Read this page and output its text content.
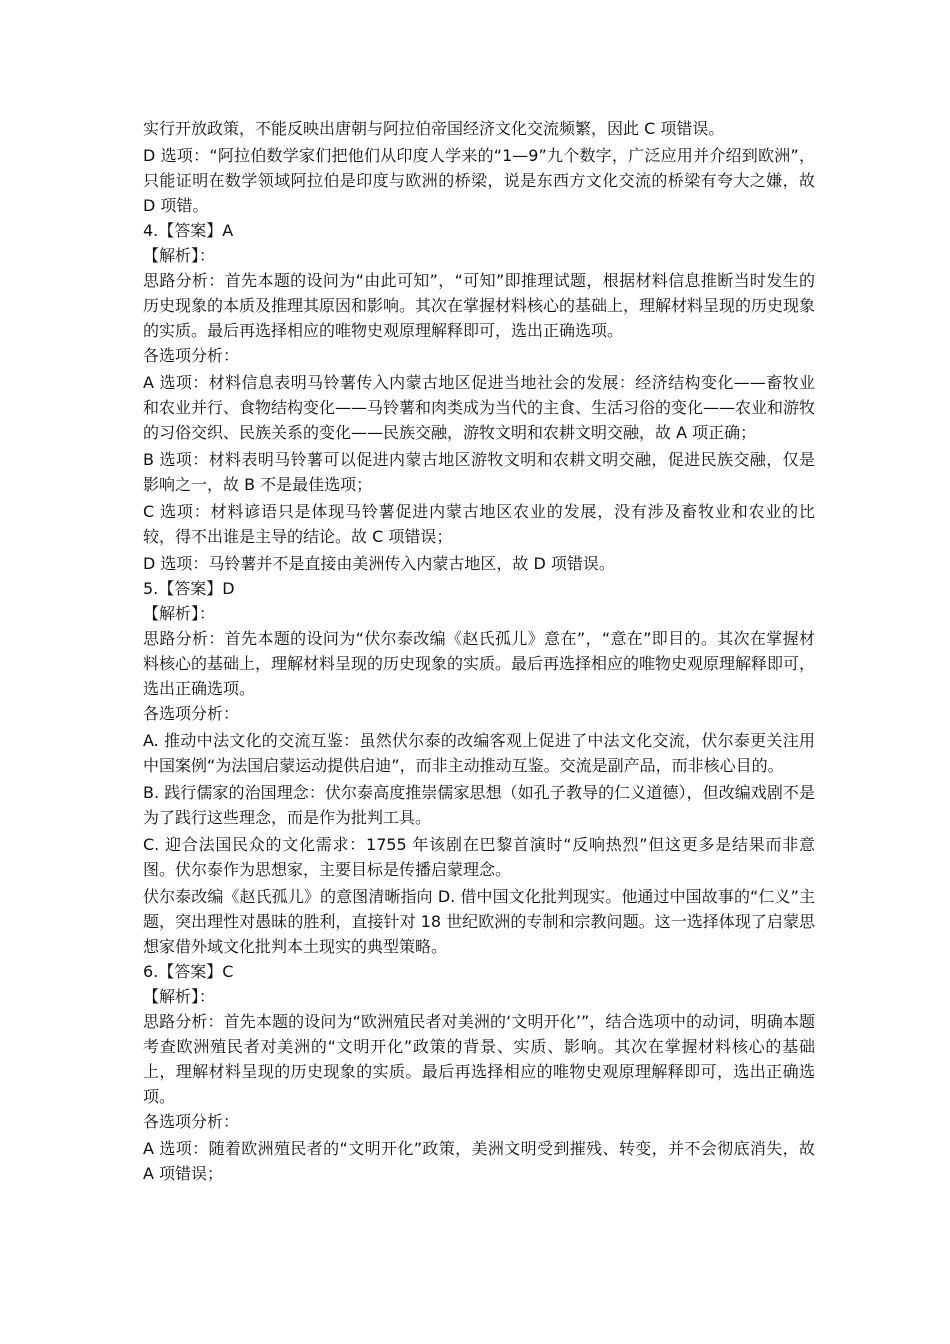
实行开放政策，不能反映出唐朝与阿拉伯帝国经济文化交流频繁，因此 C 项错误。

D 选项：“阿拉伯数学家们把他们从印度人学来的“1—9”九个数字，广泛应用并介绍到欧洲”，只能证明在数学领域阿拉伯是印度与欧洲的桥梁，说是东西方文化交流的桥梁有夸大之嫌，故 D 项错。

4.【答案】A

【解析】：

思路分析：首先本题的设问为“由此可知”，“可知”即推理试题，根据材料信息推断当时发生的历史现象的本质及推理其原因和影响。其次在掌握材料核心的基础上，理解材料呈现的历史现象的实质。最后再选择相应的唯物史观原理解释即可，选出正确选项。

各选项分析：

A 选项：材料信息表明马铃薯传入内蒙古地区促进当地社会的发展：经济结构变化——畜牧业和农业并行、食物结构变化——马铃薯和肉类成为当代的主食、生活习俗的变化——农业和游牧的习俗交织、民族关系的变化——民族交融，游牧文明和农耕文明交融，故 A 项正确；

B 选项：材料表明马铃薯可以促进内蒙古地区游牧文明和农耕文明交融，促进民族交融，仅是影响之一，故 B 不是最佳选项；

C 选项：材料谚语只是体现马铃薯促进内蒙古地区农业的发展，没有涉及畜牧业和农业的比较，得不出谁是主导的结论。故 C 项错误；

D 选项：马铃薯并不是直接由美洲传入内蒙古地区，故 D 项错误。

5.【答案】D

【解析】：

思路分析：首先本题的设问为“伏尔泰改编《赵氏孤儿》意在”，“意在”即目的。其次在掌握材料核心的基础上，理解材料呈现的历史现象的实质。最后再选择相应的唯物史观原理解释即可，选出正确选项。

各选项分析：

A. 推动中法文化的交流互鉴：虽然伏尔泰的改编客观上促进了中法文化交流，伏尔泰更关注用中国案例“为法国启蒙运动提供启迪”，而非主动推动互鉴。交流是副产品，而非核心目的。

B. 践行儒家的治国理念：伏尔泰高度推崇儒家思想（如孔子教导的仁义道德），但改编戏剧不是为了践行这些理念，而是作为批判工具。

C. 迎合法国民众的文化需求：1755 年该剧在巴黎首演时“反响热烈”但这更多是结果而非意图。伏尔泰作为思想家，主要目标是传播启蒙理念。

伏尔泰改编《赵氏孤儿》的意图清晰指向 D. 借中国文化批判现实。他通过中国故事的“仁义”主题，突出理性对愚昧的胜利，直接针对 18 世纪欧洲的专制和宗教问题。这一选择体现了启蒙思想家借外域文化批判本土现实的典型策略。

6.【答案】C

【解析】：

思路分析：首先本题的设问为“欧洲殖民者对美洲的‘文明开化’”，结合选项中的动词，明确本题考查欧洲殖民者对美洲的“文明开化”政策的背景、实质、影响。其次在掌握材料核心的基础上，理解材料呈现的历史现象的实质。最后再选择相应的唯物史观原理解释即可，选出正确选项。

各选项分析：

A 选项：随着欧洲殖民者的“文明开化”政策，美洲文明受到摧残、转变，并不会彻底消失，故 A 项错误；
